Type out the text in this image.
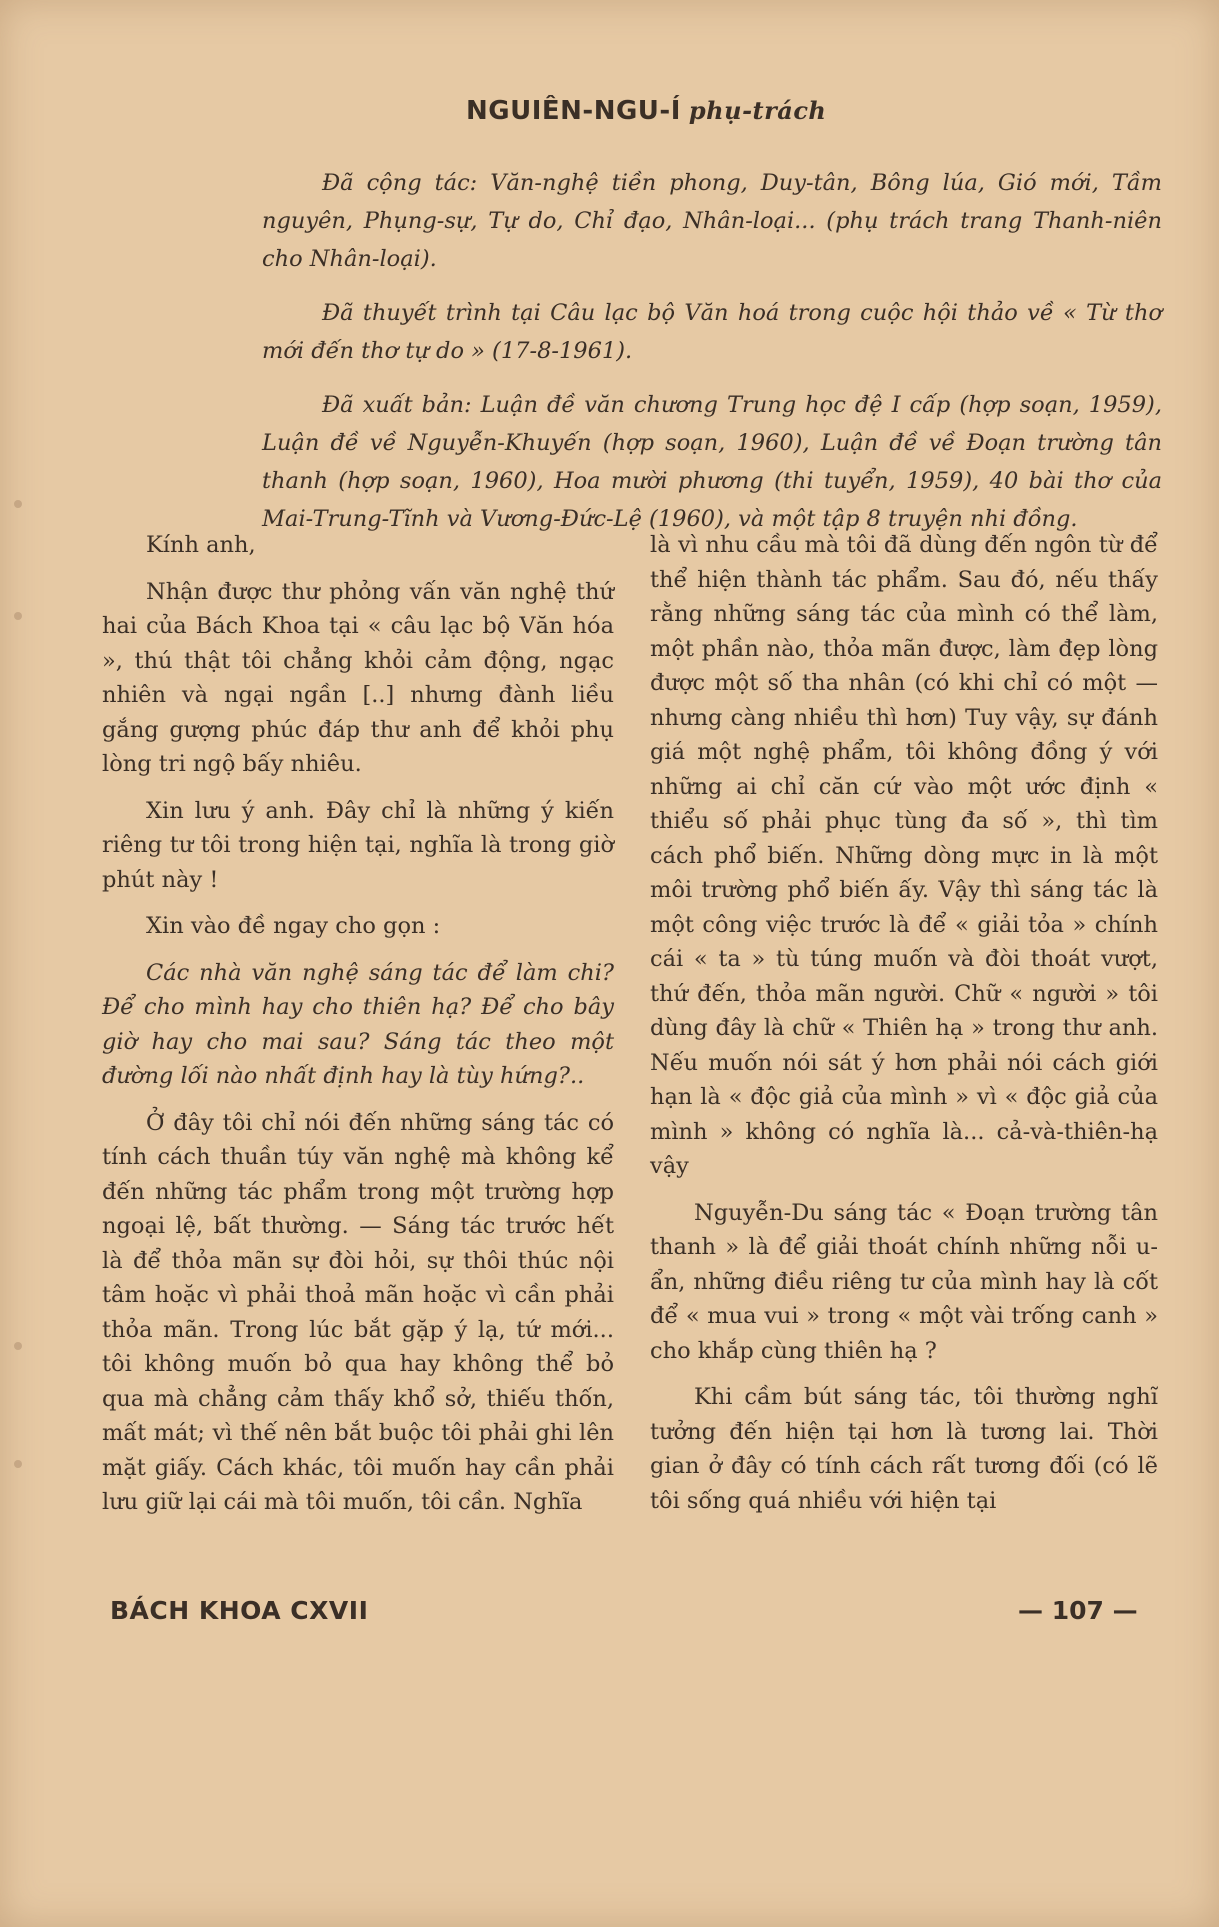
NGUIÊN-NGU-Í phụ-trách

Đã cộng tác: Văn-nghệ tiền phong, Duy-tân, Bông lúa, Gió mới, Tầm nguyên, Phụng-sự, Tự do, Chỉ đạo, Nhân-loại... (phụ trách trang Thanh-niên cho Nhân-loại).

Đã thuyết trình tại Câu lạc bộ Văn hoá trong cuộc hội thảo về « Từ thơ mới đến thơ tự do » (17-8-1961).

Đã xuất bản: Luận đề văn chương Trung học đệ I cấp (hợp soạn, 1959), Luận đề về Nguyễn-Khuyến (hợp soạn, 1960), Luận đề về Đoạn trường tân thanh (hợp soạn, 1960), Hoa mười phương (thi tuyển, 1959), 40 bài thơ của Mai-Trung-Tĩnh và Vương-Đức-Lệ (1960), và một tập 8 truyện nhi đồng.

Kính anh,

Nhận được thư phỏng vấn văn nghệ thứ hai của Bách Khoa tại « câu lạc bộ Văn hóa », thú thật tôi chẳng khỏi cảm động, ngạc nhiên và ngại ngần [..] nhưng đành liều gắng gượng phúc đáp thư anh để khỏi phụ lòng tri ngộ bấy nhiêu.

Xin lưu ý anh. Đây chỉ là những ý kiến riêng tư tôi trong hiện tại, nghĩa là trong giờ phút này !

Xin vào đề ngay cho gọn :

Các nhà văn nghệ sáng tác để làm chi? Để cho mình hay cho thiên hạ? Để cho bây giờ hay cho mai sau? Sáng tác theo một đường lối nào nhất định hay là tùy hứng?..

Ở đây tôi chỉ nói đến những sáng tác có tính cách thuần túy văn nghệ mà không kể đến những tác phẩm trong một trường hợp ngoại lệ, bất thường. — Sáng tác trước hết là để thỏa mãn sự đòi hỏi, sự thôi thúc nội tâm hoặc vì phải thoả mãn hoặc vì cần phải thỏa mãn. Trong lúc bắt gặp ý lạ, tứ mới... tôi không muốn bỏ qua hay không thể bỏ qua mà chẳng cảm thấy khổ sở, thiếu thốn, mất mát; vì thế nên bắt buộc tôi phải ghi lên mặt giấy. Cách khác, tôi muốn hay cần phải lưu giữ lại cái mà tôi muốn, tôi cần. Nghĩa

là vì nhu cầu mà tôi đã dùng đến ngôn từ để thể hiện thành tác phẩm. Sau đó, nếu thấy rằng những sáng tác của mình có thể làm, một phần nào, thỏa mãn được, làm đẹp lòng được một số tha nhân (có khi chỉ có một — nhưng càng nhiều thì hơn) Tuy vậy, sự đánh giá một nghệ phẩm, tôi không đồng ý với những ai chỉ căn cứ vào một ước định « thiểu số phải phục tùng đa số », thì tìm cách phổ biến. Những dòng mực in là một môi trường phổ biến ấy. Vậy thì sáng tác là một công việc trước là để « giải tỏa » chính cái « ta » tù túng muốn và đòi thoát vượt, thứ đến, thỏa mãn người. Chữ « người » tôi dùng đây là chữ « Thiên hạ » trong thư anh. Nếu muốn nói sát ý hơn phải nói cách giới hạn là « độc giả của mình » vì « độc giả của mình » không có nghĩa là... cả-và-thiên-hạ vậy

Nguyễn-Du sáng tác « Đoạn trường tân thanh » là để giải thoát chính những nỗi u-ẩn, những điều riêng tư của mình hay là cốt để « mua vui » trong « một vài trống canh » cho khắp cùng thiên hạ ?

Khi cầm bút sáng tác, tôi thường nghĩ tưởng đến hiện tại hơn là tương lai. Thời gian ở đây có tính cách rất tương đối (có lẽ tôi sống quá nhiều với hiện tại

BÁCH KHOA CXVII	— 107 —
